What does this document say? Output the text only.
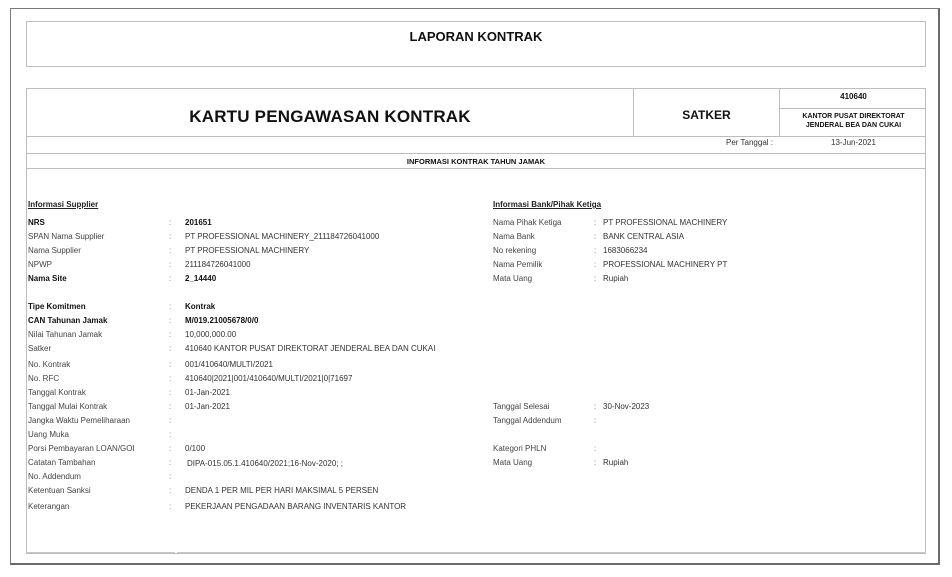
LAPORAN KONTRAK
KARTU PENGAWASAN KONTRAK	SATKER
410640
KANTOR PUSAT DIREKTORAT
JENDERAL BEA DAN CUKAI
Per Tanggal :	13-Jun-2021
INFORMASI KONTRAK TAHUN JAMAK
Informasi Supplier
NRS	: 201651
SPAN Nama Supplier	: PT PROFESSIONAL MACHINERY_211184726041000
Nama Supplier	: PT PROFESSIONAL MACHINERY
NPWP	: 211184726041000
Nama Site	: 2_14440
Informasi Bank/Pihak Ketiga
Nama Pihak Ketiga	: PT PROFESSIONAL MACHINERY
Nama Bank	: BANK CENTRAL ASIA
No rekening	: 1683066234
Nama Pemilik	: PROFESSIONAL MACHINERY PT
Mata Uang	: Rupiah
Tipe Komitmen	: Kontrak
CAN Tahunan Jamak	: M/019.21005678/0/0
Nilai Tahunan Jamak	: 10,000,000.00
Satker	: 410640 KANTOR PUSAT DIREKTORAT JENDERAL BEA DAN CUKAI
No. Kontrak	: 001/410640/MULTI/2021
No. RFC	: 410640|2021|001/410640/MULTI/2021|0|71697
Tanggal Kontrak	: 01-Jan-2021
Tanggal Mulai Kontrak	: 01-Jan-2021
Jangka Waktu Pemeliharaan	:
Uang Muka	:
Porsi Pembayaran LOAN/GOI	: 0/100
Catatan Tambahan	: DIPA-015.05.1.410640/2021;16-Nov-2020; ;
No. Addendum	:
Ketentuan Sanksi	: DENDA 1 PER MIL PER HARI MAKSIMAL 5 PERSEN
Keterangan	: PEKERJAAN PENGADAAN BARANG INVENTARIS KANTOR
Tanggal Selesai	: 30-Nov-2023
Tanggal Addendum	:
Kategori PHLN	:
Mata Uang	: Rupiah
